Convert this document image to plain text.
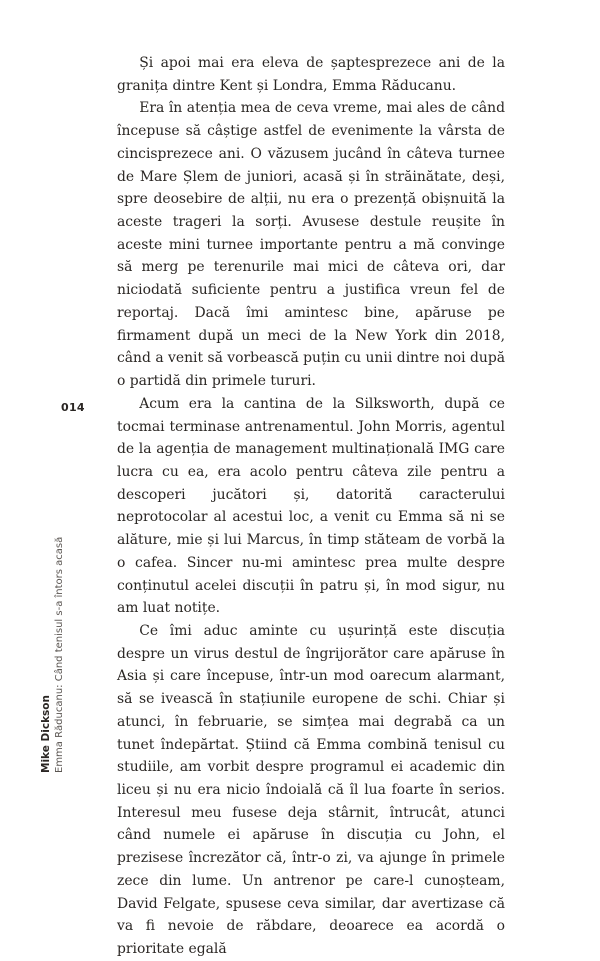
Și apoi mai era eleva de șaptesprezece ani de la granița dintre Kent și Londra, Emma Răducanu.

Era în atenția mea de ceva vreme, mai ales de când începuse să câștige astfel de evenimente la vârsta de cincisprezece ani. O văzusem jucând în câteva turnee de Mare Șlem de juniori, acasă și în străinătate, deși, spre deosebire de alții, nu era o prezență obișnuită la aceste trageri la sorți. Avusese destule reușite în aceste mini turnee importante pentru a mă convinge să merg pe terenurile mai mici de câteva ori, dar niciodată suficiente pentru a justifica vreun fel de reportaj. Dacă îmi amintesc bine, apăruse pe firmament după un meci de la New York din 2018, când a venit să vorbească puțin cu unii dintre noi după o partidă din primele tururi.

Acum era la cantina de la Silksworth, după ce tocmai terminase antrenamentul. John Morris, agentul de la agenția de management multinațională IMG care lucra cu ea, era acolo pentru câteva zile pentru a descoperi jucători și, datorită caracterului neprotocolar al acestui loc, a venit cu Emma să ni se alăture, mie și lui Marcus, în timp stăteam de vorbă la o cafea. Sincer nu-mi amintesc prea multe despre conținutul acelei discuții în patru și, în mod sigur, nu am luat notițe.

Ce îmi aduc aminte cu ușurință este discuția despre un virus destul de îngrijorător care apăruse în Asia și care începuse, într-un mod oarecum alarmant, să se ivească în stațiunile europene de schi. Chiar și atunci, în februarie, se simțea mai degrabă ca un tunet îndepărtat. Știind că Emma combină tenisul cu studiile, am vorbit despre programul ei academic din liceu și nu era nicio îndoială că îl lua foarte în serios. Interesul meu fusese deja stârnit, întrucât, atunci când numele ei apăruse în discuția cu John, el prezisese încrezător că, într-o zi, va ajunge în primele zece din lume. Un antrenor pe care-l cunoșteam, David Felgate, spusese ceva similar, dar avertizase că va fi nevoie de răbdare, deoarece ea acordă o prioritate egală

014
Mike Dickson Emma Răducanu: Când tenisul s-a întors acasă
